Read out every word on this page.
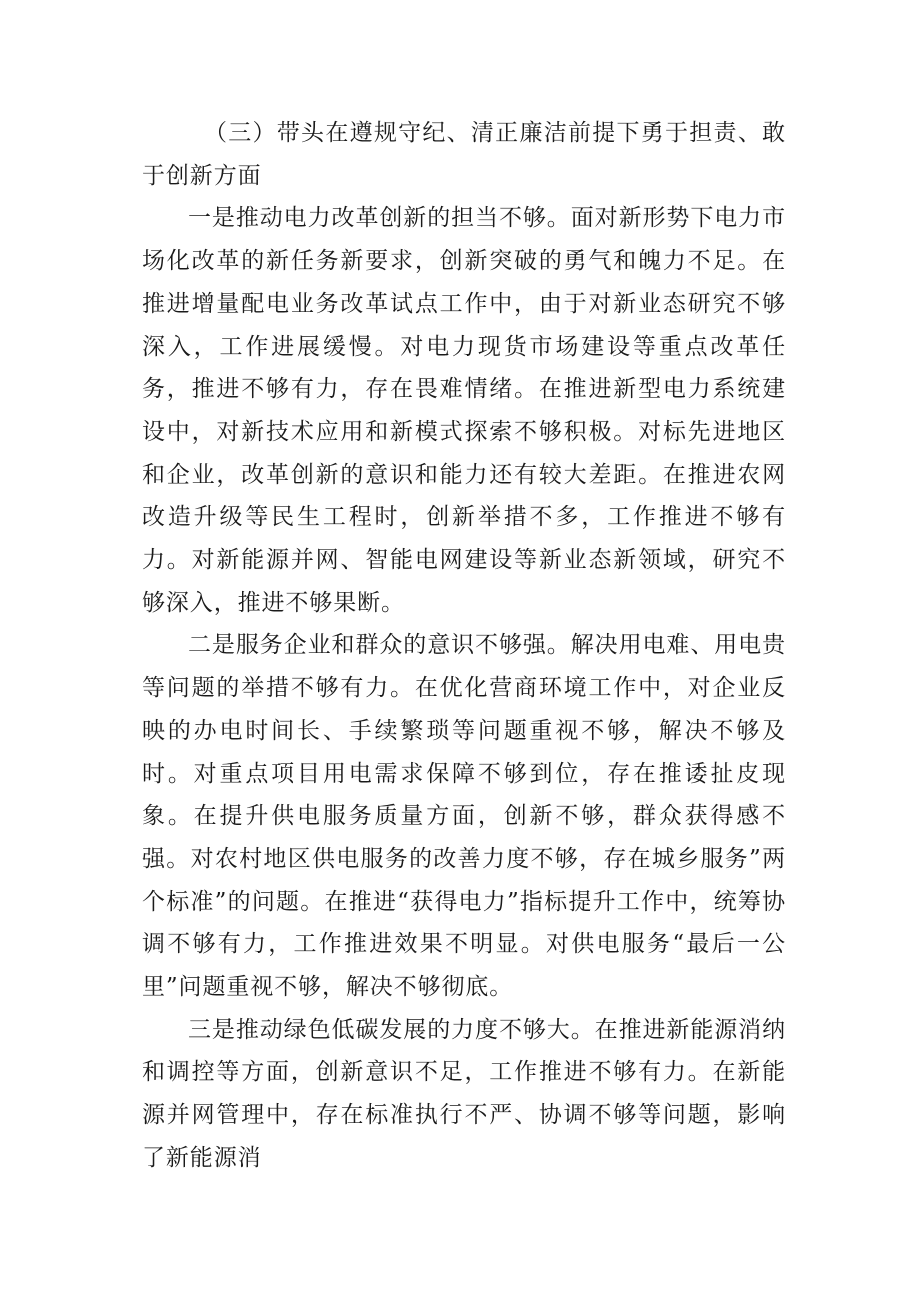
（三）带头在遵规守纪、清正廉洁前提下勇于担责、敢于创新方面

一是推动电力改革创新的担当不够。面对新形势下电力市场化改革的新任务新要求，创新突破的勇气和魄力不足。在推进增量配电业务改革试点工作中，由于对新业态研究不够深入，工作进展缓慢。对电力现货市场建设等重点改革任务，推进不够有力，存在畏难情绪。在推进新型电力系统建设中，对新技术应用和新模式探索不够积极。对标先进地区和企业，改革创新的意识和能力还有较大差距。在推进农网改造升级等民生工程时，创新举措不多，工作推进不够有力。对新能源并网、智能电网建设等新业态新领域，研究不够深入，推进不够果断。

二是服务企业和群众的意识不够强。解决用电难、用电贵等问题的举措不够有力。在优化营商环境工作中，对企业反映的办电时间长、手续繁琐等问题重视不够，解决不够及时。对重点项目用电需求保障不够到位，存在推诿扯皮现象。在提升供电服务质量方面，创新不够，群众获得感不强。对农村地区供电服务的改善力度不够，存在城乡服务”两个标准”的问题。在推进“获得电力”指标提升工作中，统筹协调不够有力，工作推进效果不明显。对供电服务“最后一公里”问题重视不够，解决不够彻底。

三是推动绿色低碳发展的力度不够大。在推进新能源消纳和调控等方面，创新意识不足，工作推进不够有力。在新能源并网管理中，存在标准执行不严、协调不够等问题，影响了新能源消
